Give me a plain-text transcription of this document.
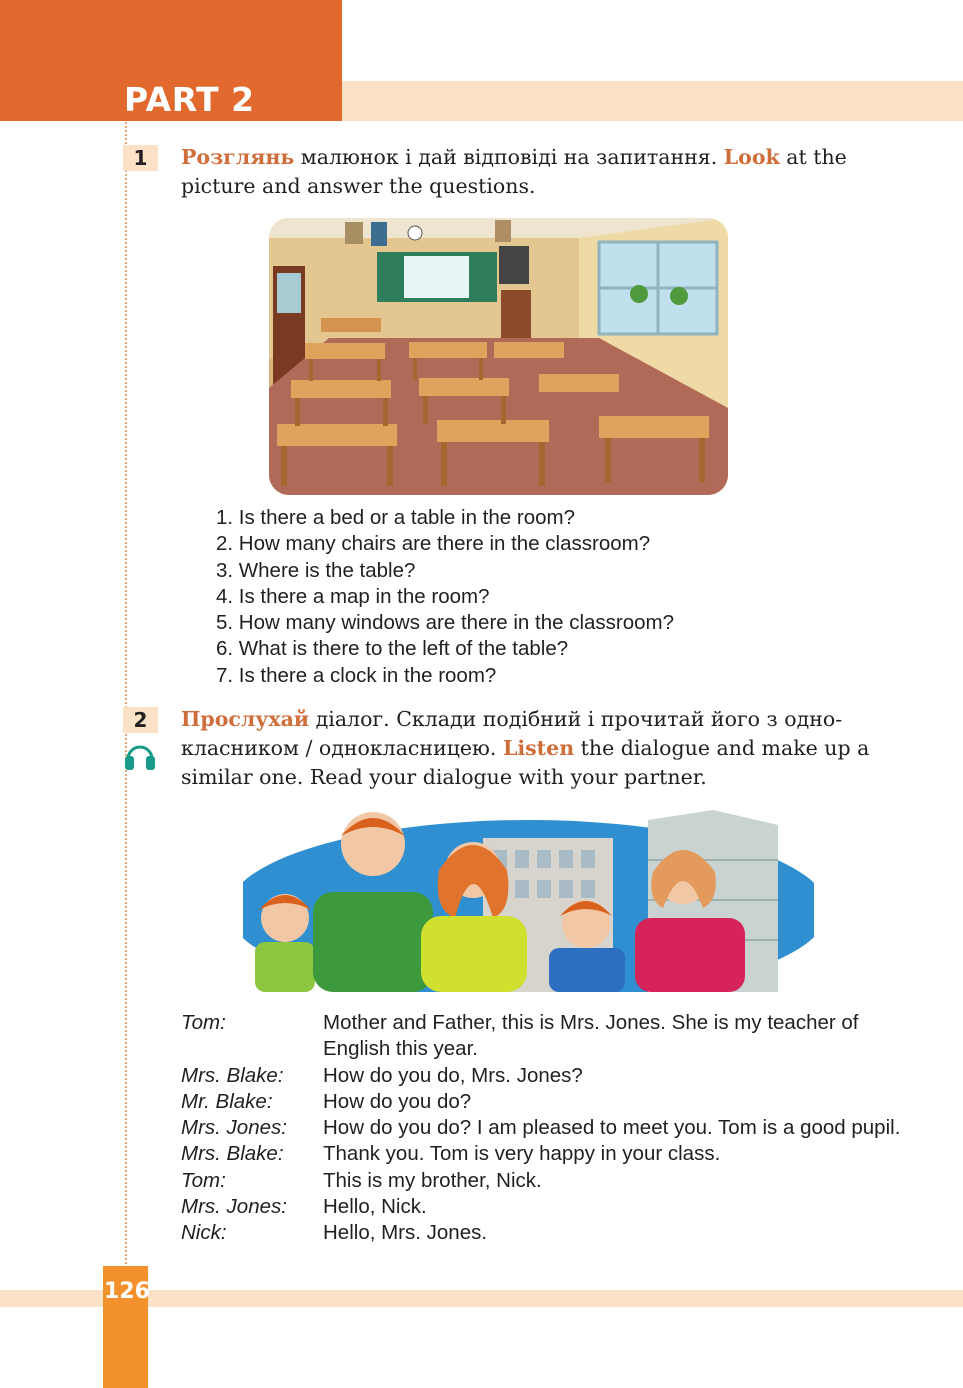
PART 2
1	Розглянь малюнок і дай відповіді на запитання. Look at the picture and answer the questions.
1. Is there a bed or a table in the room?
2. How many chairs are there in the classroom?
3. Where is the table?
4. Is there a map in the room?
5. How many windows are there in the classroom?
6. What is there to the left of the table?
7. Is there a clock in the room?
2	Прослухай діалог. Склади подібний і прочитай його з однокласником / однокласницею. Listen the dialogue and make up a similar one. Read your dialogue with your partner.
Tom:	Mother and Father, this is Mrs. Jones. She is my teacher of English this year.
Mrs. Blake:	How do you do, Mrs. Jones?
Mr. Blake:	How do you do?
Mrs. Jones:	How do you do? I am pleased to meet you. Tom is a good pupil.
Mrs. Blake:	Thank you. Tom is very happy in your class.
Tom:	This is my brother, Nick.
Mrs. Jones:	Hello, Nick.
Nick:	Hello, Mrs. Jones.
126
